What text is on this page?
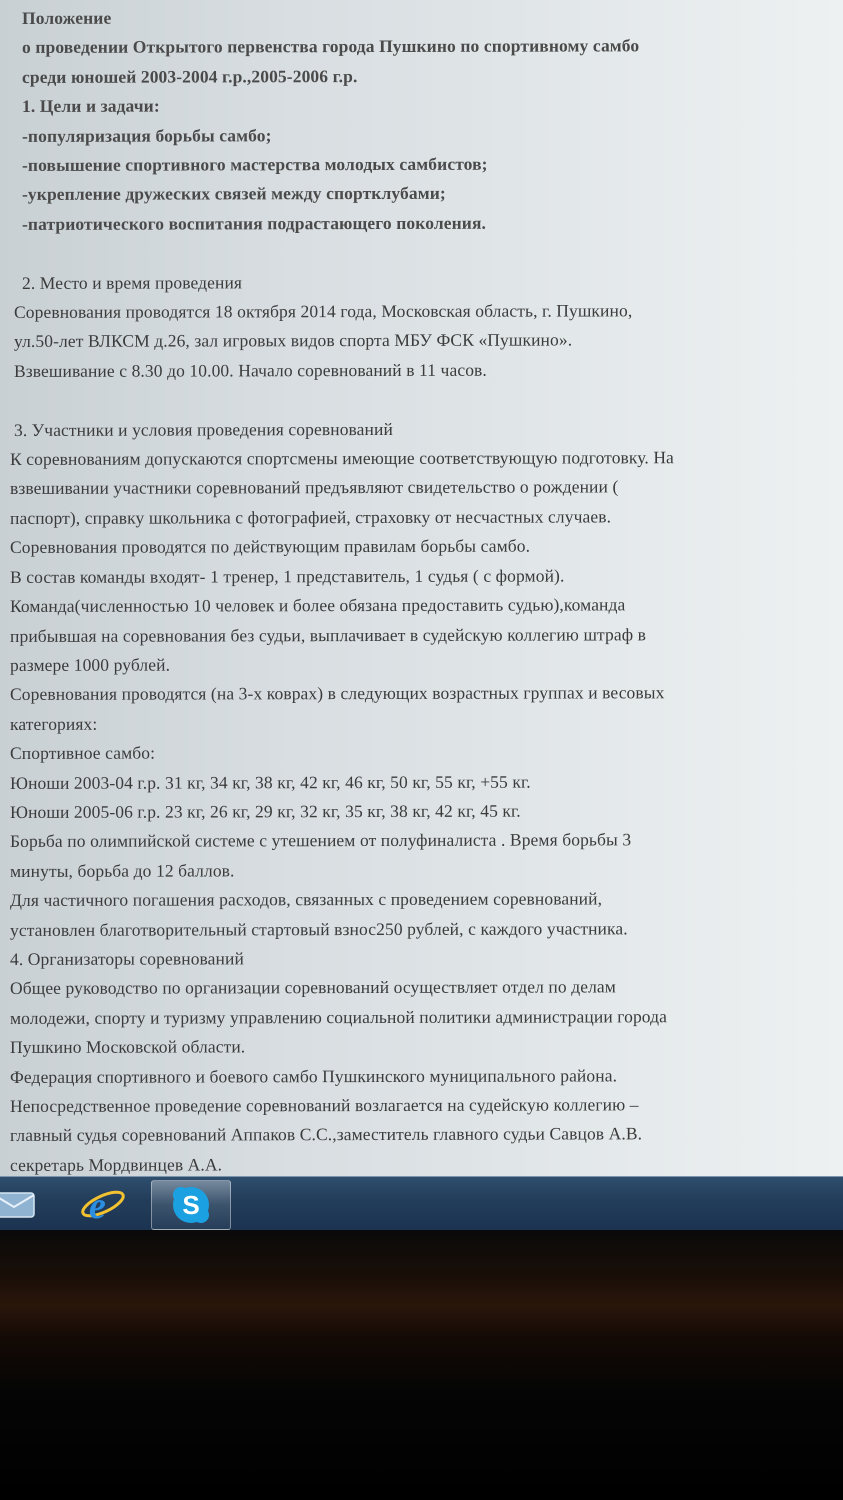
Положение
о проведении Открытого первенства города Пушкино по спортивному самбо
среди юношей 2003-2004 г.р.,2005-2006 г.р.
1. Цели и задачи:
-популяризация борьбы самбо;
-повышение спортивного мастерства молодых самбистов;
-укрепление дружеских связей между спортклубами;
-патриотического воспитания подрастающего поколения.
2. Место и время проведения
Соревнования проводятся 18 октября 2014 года, Московская область, г. Пушкино,
ул.50-лет ВЛКСМ д.26, зал игровых видов спорта МБУ ФСК «Пушкино».
Взвешивание с 8.30 до 10.00. Начало соревнований в 11 часов.
3. Участники и условия проведения соревнований
К соревнованиям допускаются спортсмены имеющие соответствующую подготовку. На
взвешивании участники соревнований предъявляют свидетельство о рождении (
паспорт), справку школьника с фотографией, страховку от несчастных случаев.
Соревнования проводятся по действующим правилам борьбы самбо.
В состав команды входят- 1 тренер, 1 представитель, 1 судья ( с формой).
Команда(численностью 10 человек и более обязана предоставить судью),команда
прибывшая на соревнования без судьи, выплачивает в судейскую коллегию штраф в
размере 1000 рублей.
Соревнования проводятся (на 3-х коврах) в следующих возрастных группах и весовых
категориях:
Спортивное самбо:
Юноши 2003-04 г.р. 31 кг, 34 кг, 38 кг, 42 кг, 46 кг, 50 кг, 55 кг, +55 кг.
Юноши 2005-06 г.р. 23 кг, 26 кг, 29 кг, 32 кг, 35 кг, 38 кг, 42 кг, 45 кг.
Борьба по олимпийской системе с утешением от полуфиналиста . Время борьбы 3
минуты, борьба до 12 баллов.
Для частичного погашения расходов, связанных с проведением соревнований,
установлен благотворительный стартовый взнос250 рублей, с каждого участника.
4. Организаторы соревнований
Общее руководство по организации соревнований осуществляет отдел по делам
молодежи, спорту и туризму управлению социальной политики администрации города
Пушкино Московской области.
Федерация спортивного и боевого самбо Пушкинского муниципального района.
Непосредственное проведение соревнований возлагается на судейскую коллегию –
главный судья соревнований Аппаков С.С.,заместитель главного судьи Савцов А.В.
секретарь Мордвинцев А.А.
e	S
